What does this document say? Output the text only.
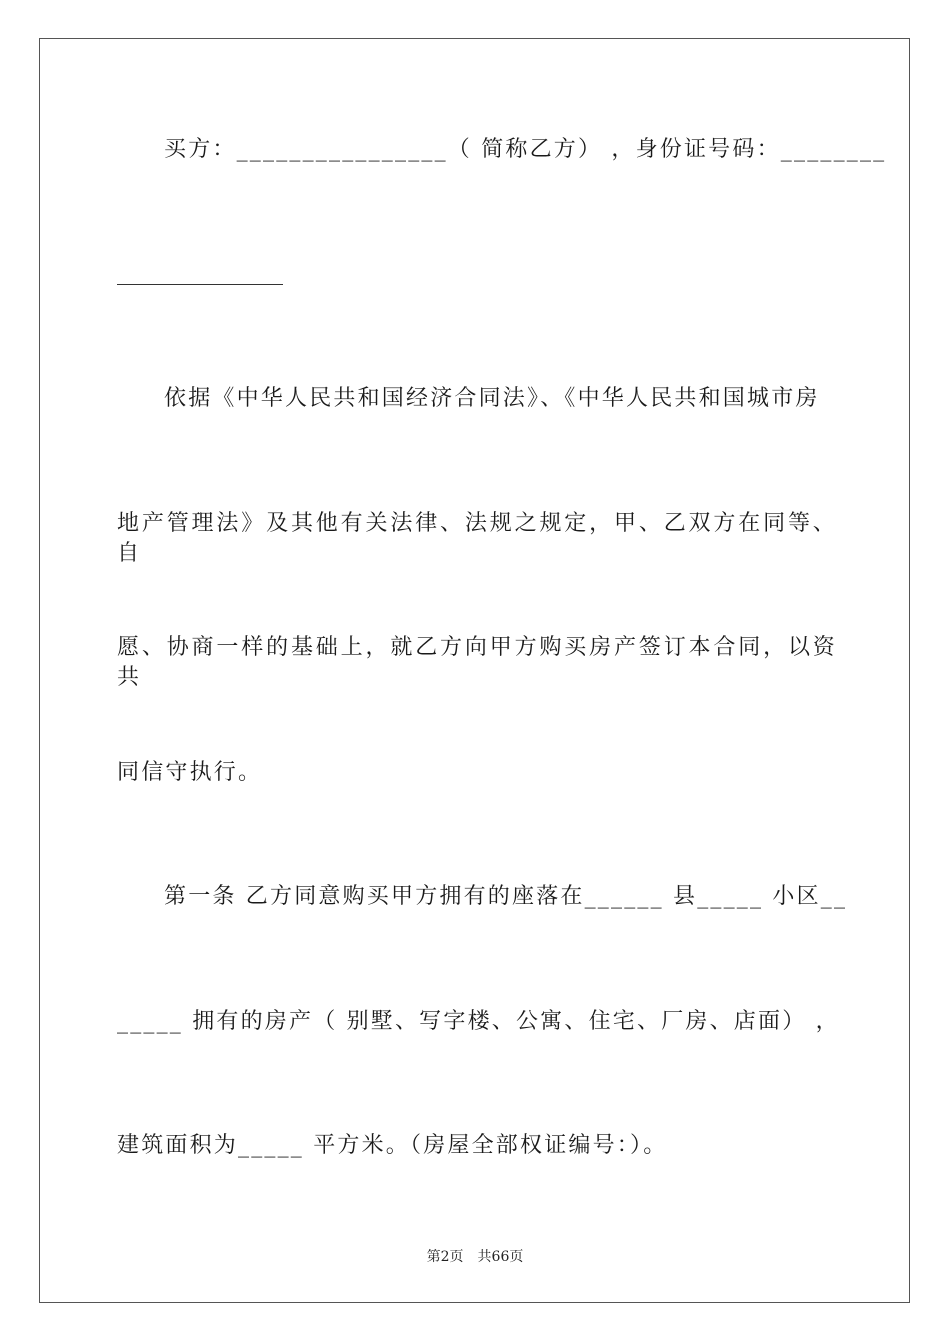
买方：________________（ 简称乙方） ，身份证号码：________
依据《中华人民共和国经济合同法》、《中华人民共和国城市房
地产管理法》及其他有关法律、法规之规定，甲、乙双方在同等、自
愿、协商一样的基础上，就乙方向甲方购买房产签订本合同，以资共
同信守执行。
第一条 乙方同意购买甲方拥有的座落在______ 县_____ 小区__
_____ 拥有的房产（ 别墅、写字楼、公寓、住宅、厂房、店面） ，
建筑面积为_____ 平方米。（房屋全部权证编号：）。
第2页　共66页
